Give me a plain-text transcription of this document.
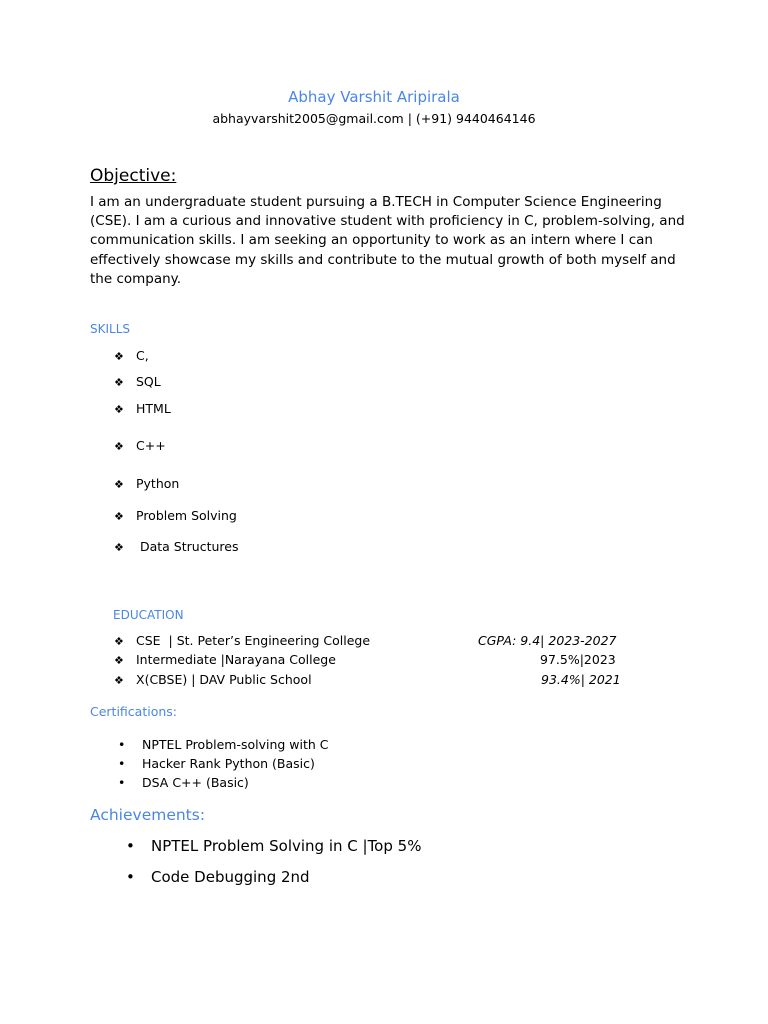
Abhay Varshit Aripirala
abhayvarshit2005@gmail.com | (+91) 9440464146
Objective:
I am an undergraduate student pursuing a B.TECH in Computer Science Engineering (CSE). I am a curious and innovative student with proficiency in C, problem-solving, and communication skills. I am seeking an opportunity to work as an intern where I can effectively showcase my skills and contribute to the mutual growth of both myself and the company.
SKILLS
❖ C,
❖ SQL
❖ HTML
❖ C++
❖ Python
❖ Problem Solving
❖ Data Structures
EDUCATION
❖ CSE  | St. Peter’s Engineering College	CGPA: 9.4| 2023-2027
❖ Intermediate |Narayana College	97.5%|2023
❖ X(CBSE) | DAV Public School	93.4%| 2021
Certifications:
• NPTEL Problem-solving with C
• Hacker Rank Python (Basic)
• DSA C++ (Basic)
Achievements:
• NPTEL Problem Solving in C |Top 5%
• Code Debugging 2nd
